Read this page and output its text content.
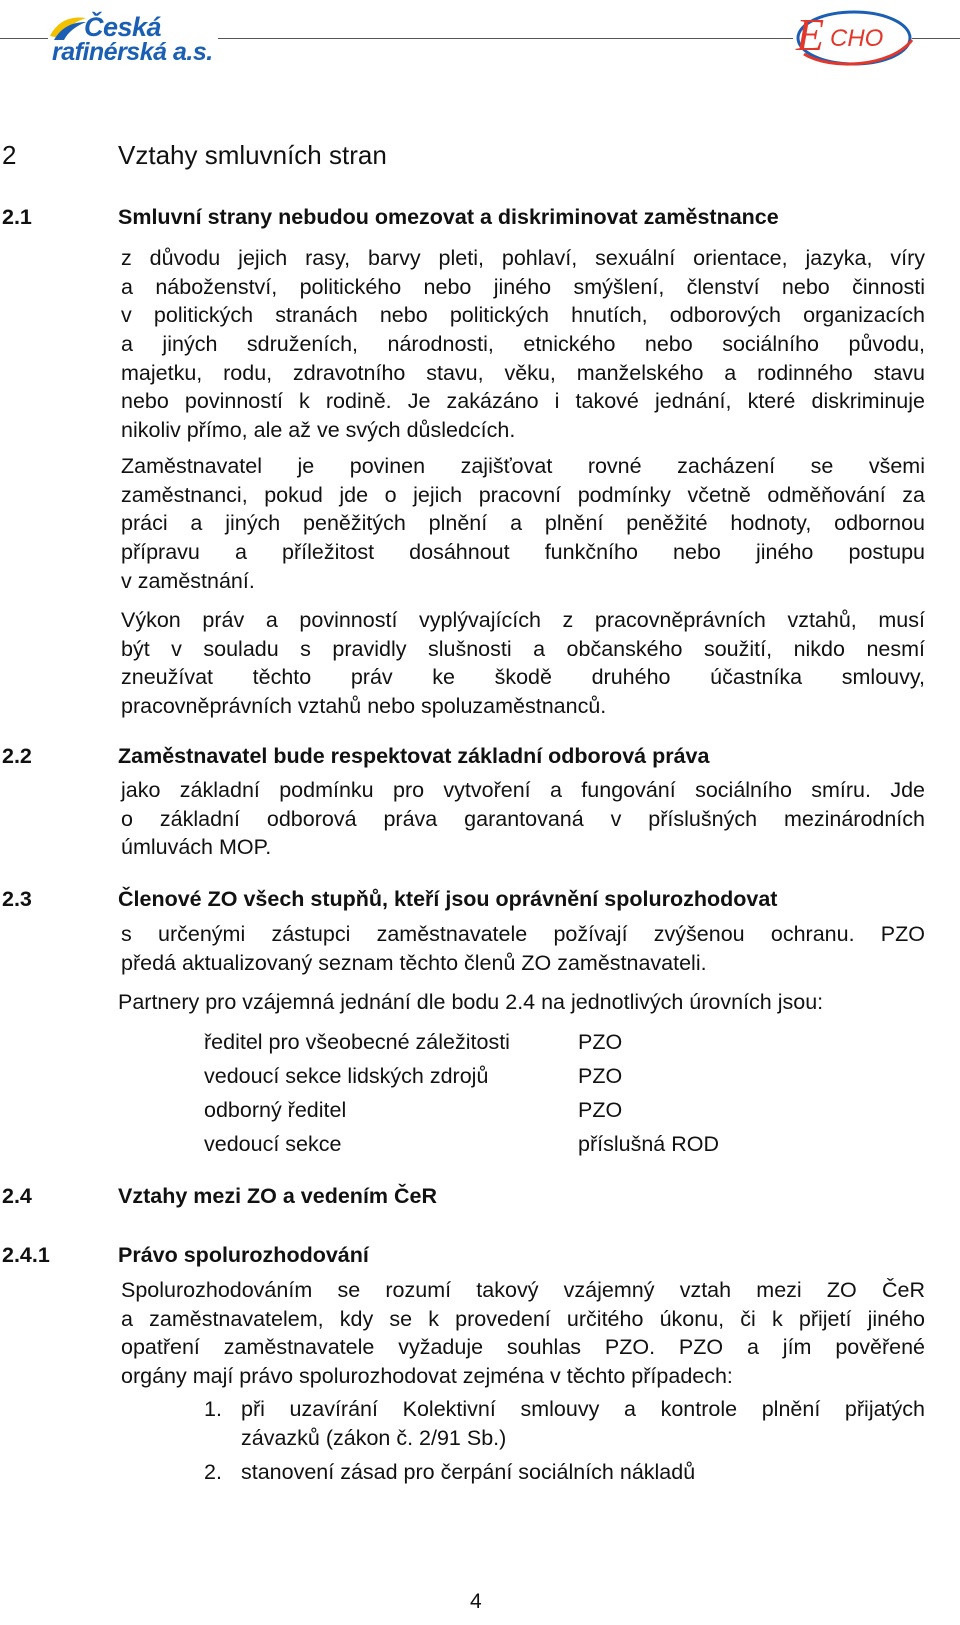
Česká
rafinérská a.s.	E CHO
2	Vztahy smluvních stran
2.1	Smluvní strany nebudou omezovat a diskriminovat zaměstnance
z důvodu jejich rasy, barvy pleti, pohlaví, sexuální orientace, jazyka, víry
a náboženství, politického nebo jiného smýšlení, členství nebo činnosti
v politických stranách nebo politických hnutích, odborových organizacích
a jiných sdruženích, národnosti, etnického nebo sociálního původu,
majetku, rodu, zdravotního stavu, věku, manželského a rodinného stavu
nebo povinností k rodině. Je zakázáno i takové jednání, které diskriminuje
nikoliv přímo, ale až ve svých důsledcích.
Zaměstnavatel je povinen zajišťovat rovné zacházení se všemi
zaměstnanci, pokud jde o jejich pracovní podmínky včetně odměňování za
práci a jiných peněžitých plnění a plnění peněžité hodnoty, odbornou
přípravu a příležitost dosáhnout funkčního nebo jiného postupu
v zaměstnání.
Výkon práv a povinností vyplývajících z pracovněprávních vztahů, musí
být v souladu s pravidly slušnosti a občanského soužití, nikdo nesmí
zneužívat těchto práv ke škodě druhého účastníka smlouvy,
pracovněprávních vztahů nebo spoluzaměstnanců.
2.2	Zaměstnavatel bude respektovat základní odborová práva
jako základní podmínku pro vytvoření a fungování sociálního smíru. Jde
o základní odborová práva garantovaná v příslušných mezinárodních
úmluvách MOP.
2.3	Členové ZO všech stupňů, kteří jsou oprávnění spolurozhodovat
s určenými zástupci zaměstnavatele požívají zvýšenou ochranu. PZO
předá aktualizovaný seznam těchto členů ZO zaměstnavateli.
Partnery pro vzájemná jednání dle bodu 2.4 na jednotlivých úrovních jsou:
ředitel pro všeobecné záležitosti	PZO
vedoucí sekce lidských zdrojů	PZO
odborný ředitel	PZO
vedoucí sekce	příslušná ROD
2.4	Vztahy mezi ZO a vedením ČeR
2.4.1	Právo spolurozhodování
Spolurozhodováním se rozumí takový vzájemný vztah mezi ZO ČeR
a zaměstnavatelem, kdy se k provedení určitého úkonu, či k přijetí jiného
opatření zaměstnavatele vyžaduje souhlas PZO. PZO a jím pověřené
orgány mají právo spolurozhodovat zejména v těchto případech:
1. při uzavírání Kolektivní smlouvy a kontrole plnění přijatých
závazků (zákon č. 2/91 Sb.)
2. stanovení zásad pro čerpání sociálních nákladů
4
